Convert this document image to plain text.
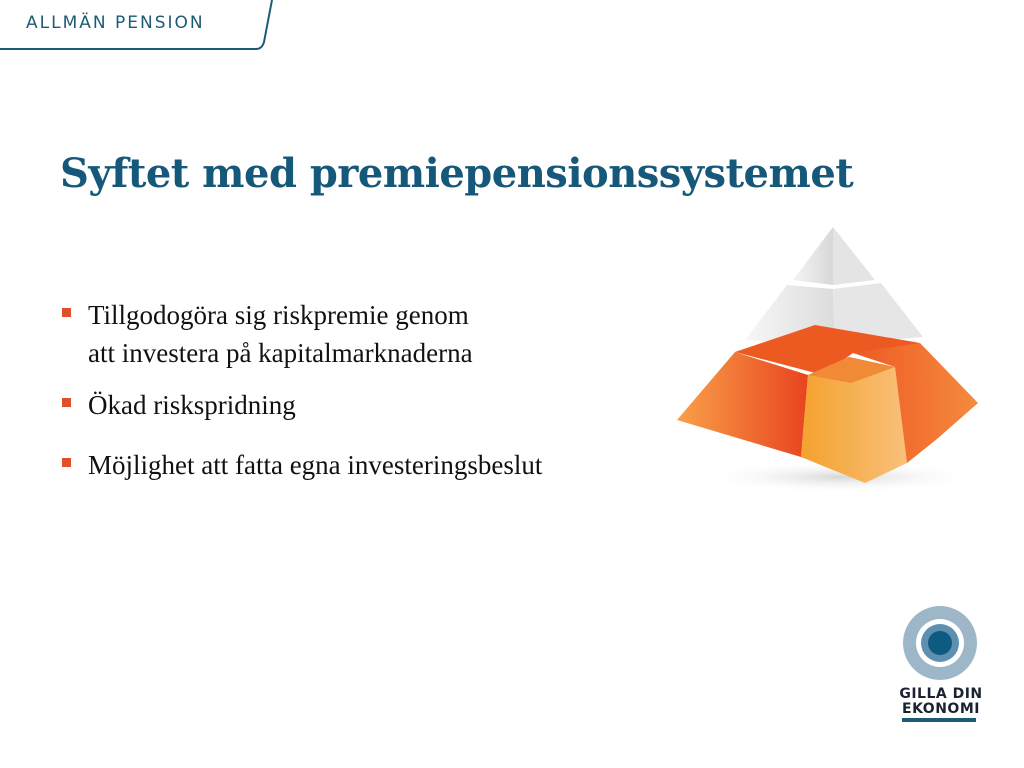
ALLMÄN PENSION
Syftet med premiepensionssystemet
Tillgodogöra sig riskpremie genom
att investera på kapitalmarknaderna
Ökad riskspridning
Möjlighet att fatta egna investeringsbeslut
GILLA DIN
EKONOMI
